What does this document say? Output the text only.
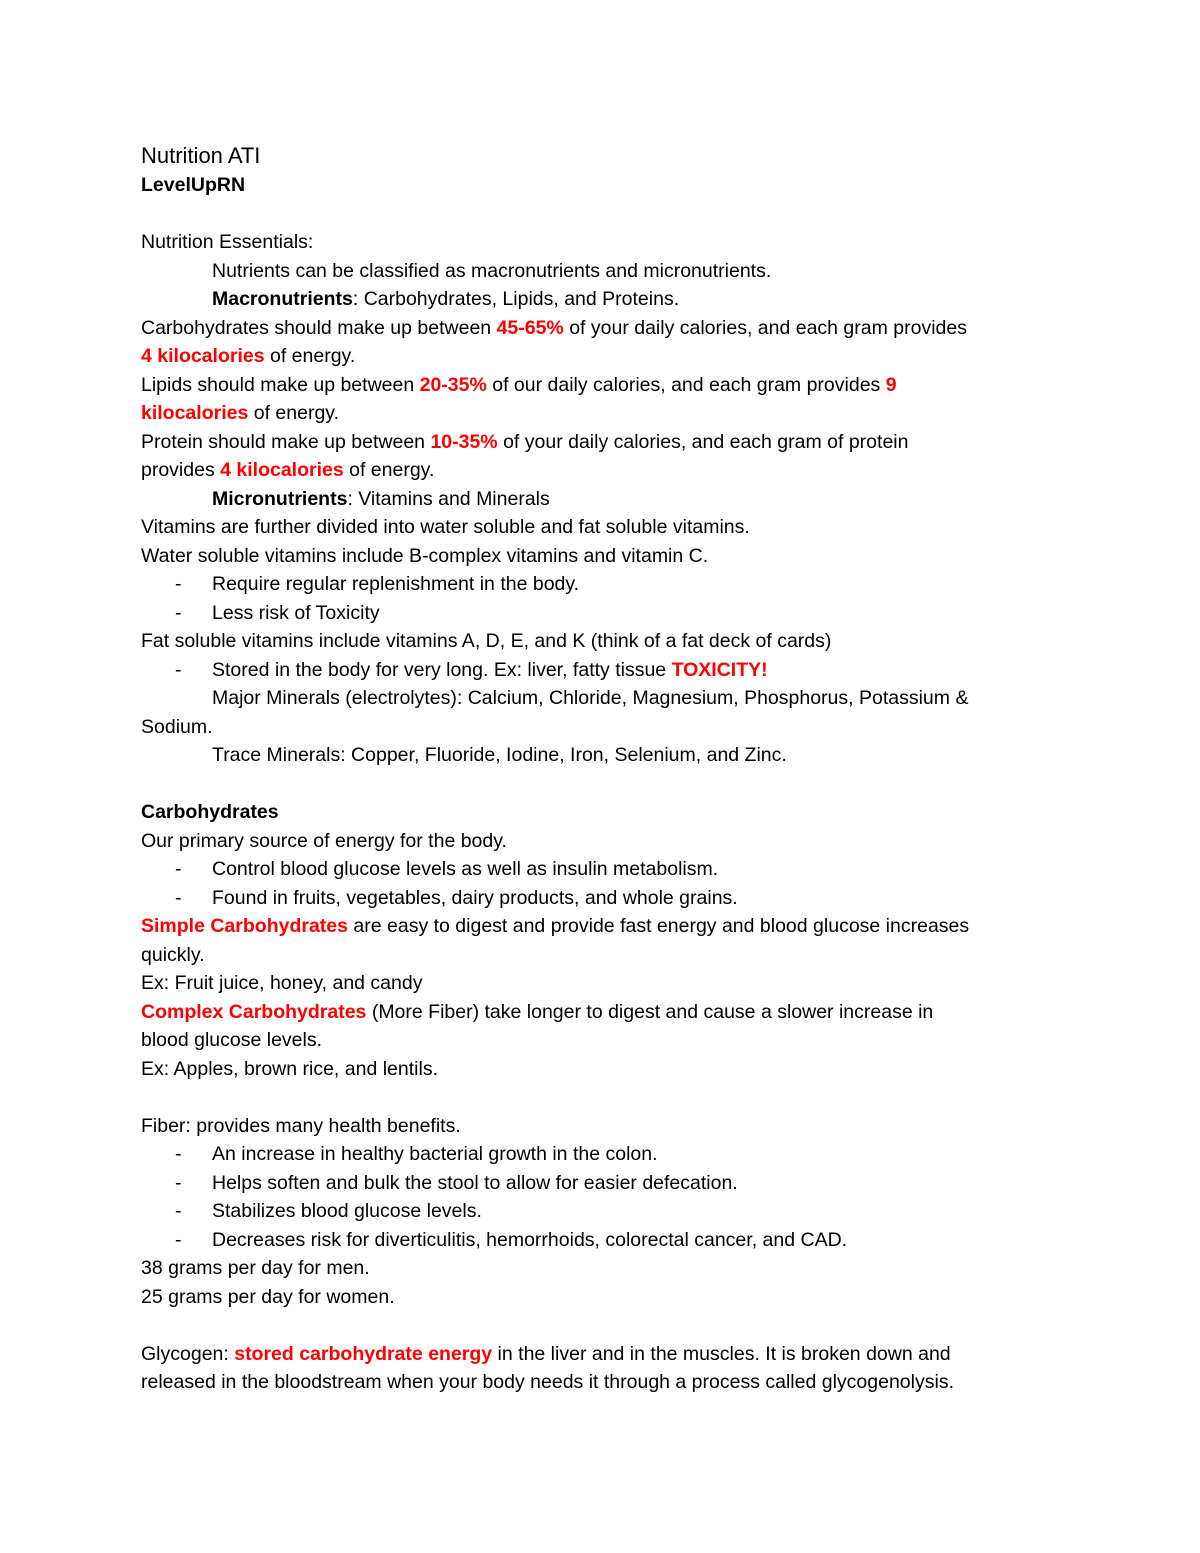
Nutrition ATI
LevelUpRN
Nutrition Essentials:
Nutrients can be classified as macronutrients and micronutrients.
Macronutrients: Carbohydrates, Lipids, and Proteins.
Carbohydrates should make up between 45-65% of your daily calories, and each gram provides
4 kilocalories of energy.
Lipids should make up between 20-35% of our daily calories, and each gram provides 9
kilocalories of energy.
Protein should make up between 10-35% of your daily calories, and each gram of protein
provides 4 kilocalories of energy.
Micronutrients: Vitamins and Minerals
Vitamins are further divided into water soluble and fat soluble vitamins.
Water soluble vitamins include B-complex vitamins and vitamin C.
- Require regular replenishment in the body.
- Less risk of Toxicity
Fat soluble vitamins include vitamins A, D, E, and K (think of a fat deck of cards)
- Stored in the body for very long. Ex: liver, fatty tissue TOXICITY!
Major Minerals (electrolytes): Calcium, Chloride, Magnesium, Phosphorus, Potassium &
Sodium.
Trace Minerals: Copper, Fluoride, Iodine, Iron, Selenium, and Zinc.
Carbohydrates
Our primary source of energy for the body.
- Control blood glucose levels as well as insulin metabolism.
- Found in fruits, vegetables, dairy products, and whole grains.
Simple Carbohydrates are easy to digest and provide fast energy and blood glucose increases
quickly.
Ex: Fruit juice, honey, and candy
Complex Carbohydrates (More Fiber) take longer to digest and cause a slower increase in
blood glucose levels.
Ex: Apples, brown rice, and lentils.
Fiber: provides many health benefits.
- An increase in healthy bacterial growth in the colon.
- Helps soften and bulk the stool to allow for easier defecation.
- Stabilizes blood glucose levels.
- Decreases risk for diverticulitis, hemorrhoids, colorectal cancer, and CAD.
38 grams per day for men.
25 grams per day for women.
Glycogen: stored carbohydrate energy in the liver and in the muscles. It is broken down and
released in the bloodstream when your body needs it through a process called glycogenolysis.
